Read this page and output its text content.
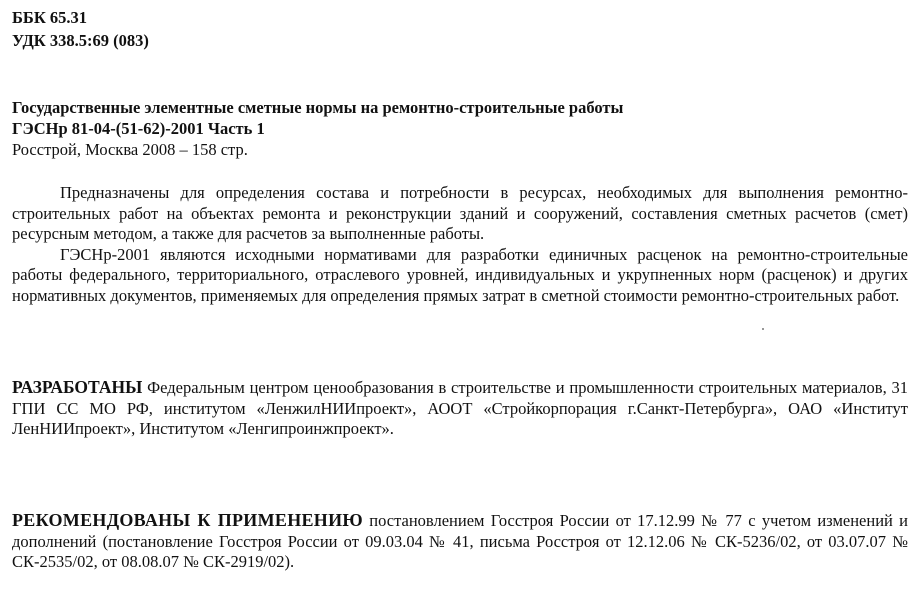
ББК 65.31
УДК 338.5:69 (083)
Государственные элементные сметные нормы на ремонтно-строительные работы
ГЭСНр 81-04-(51-62)-2001 Часть 1
Росстрой, Москва 2008 – 158 стр.

Предназначены для определения состава и потребности в ресурсах, необходимых для выполнения ремонтно-строительных работ на объектах ремонта и реконструкции зданий и сооружений, составления сметных расчетов (смет) ресурсным методом, а также для расчетов за выполненные работы.

ГЭСНр-2001 являются исходными нормативами для разработки единичных расценок на ремонтно-строительные работы федерального, территориального, отраслевого уровней, индивидуальных и укрупненных норм (расценок) и других нормативных документов, применяемых для определения прямых затрат в сметной стоимости ремонтно-строительных работ.

РАЗРАБОТАНЫ Федеральным центром ценообразования в строительстве и промышленности строительных материалов, 31 ГПИ СС МО РФ, институтом «ЛенжилНИИпроект», АООТ «Стройкорпорация г.Санкт-Петербурга», ОАО «Институт ЛенНИИпроект», Институтом «Ленгипроинжпроект».

РЕКОМЕНДОВАНЫ К ПРИМЕНЕНИЮ постановлением Госстроя России от 17.12.99 № 77 с учетом изменений и дополнений (постановление Госстроя России от 09.03.04 № 41, письма Росстроя от 12.12.06 № СК-5236/02, от 03.07.07 № СК-2535/02, от 08.08.07 № СК-2919/02).
